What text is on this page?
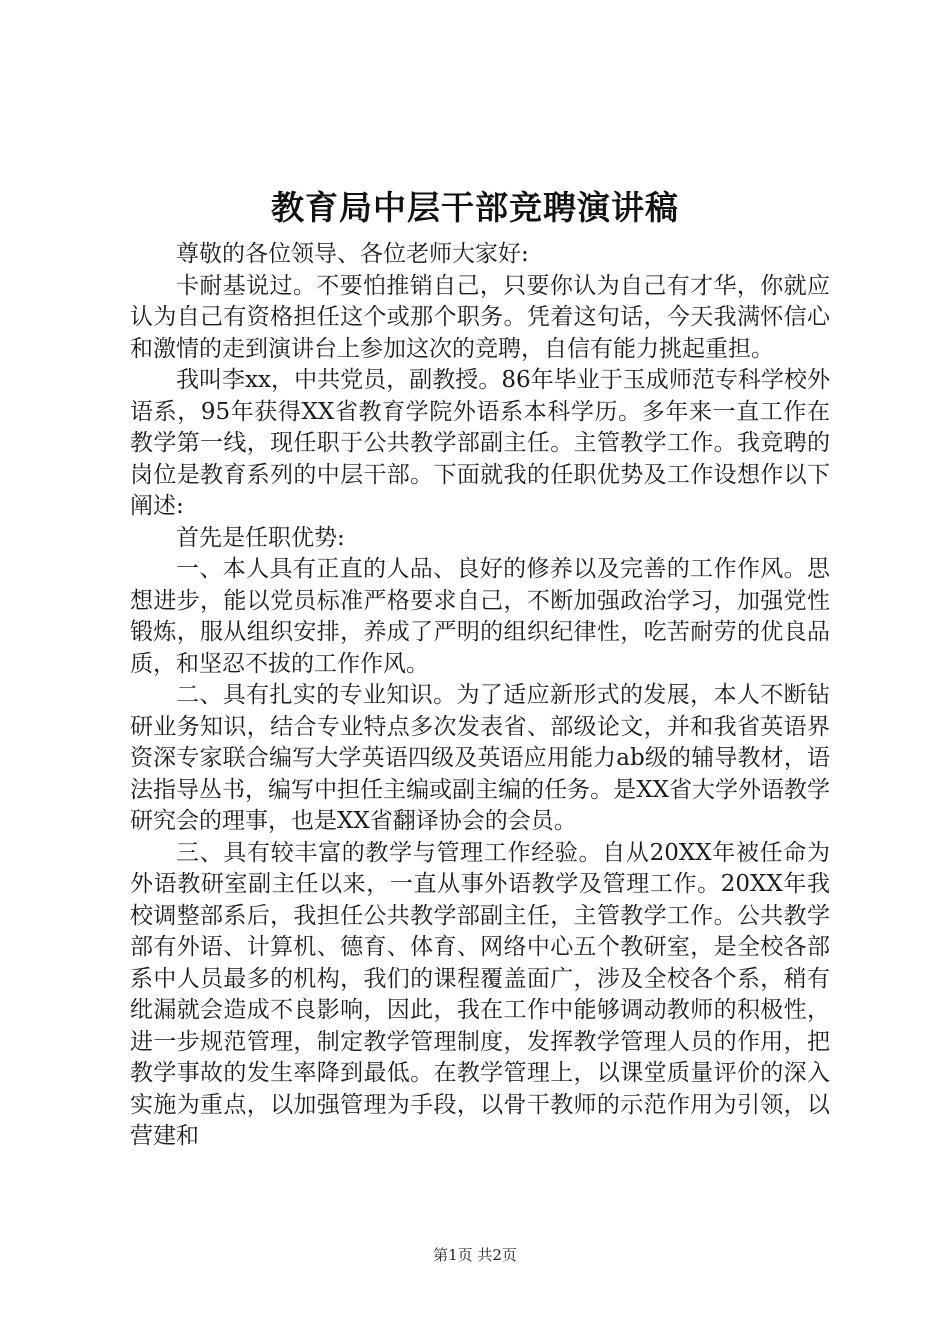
教育局中层干部竞聘演讲稿

尊敬的各位领导、各位老师大家好:

卡耐基说过。不要怕推销自己，只要你认为自己有才华，你就应认为自己有资格担任这个或那个职务。凭着这句话，今天我满怀信心和激情的走到演讲台上参加这次的竞聘，自信有能力挑起重担。

我叫李xx，中共党员，副教授。86年毕业于玉成师范专科学校外语系，95年获得XX省教育学院外语系本科学历。多年来一直工作在教学第一线，现任职于公共教学部副主任。主管教学工作。我竞聘的岗位是教育系列的中层干部。下面就我的任职优势及工作设想作以下阐述:

首先是任职优势:

一、本人具有正直的人品、良好的修养以及完善的工作作风。思想进步，能以党员标准严格要求自己，不断加强政治学习，加强党性锻炼，服从组织安排，养成了严明的组织纪律性，吃苦耐劳的优良品质，和坚忍不拔的工作作风。

二、具有扎实的专业知识。为了适应新形式的发展，本人不断钻研业务知识，结合专业特点多次发表省、部级论文，并和我省英语界资深专家联合编写大学英语四级及英语应用能力ab级的辅导教材，语法指导丛书，编写中担任主编或副主编的任务。是XX省大学外语教学研究会的理事，也是XX省翻译协会的会员。

三、具有较丰富的教学与管理工作经验。自从20XX年被任命为外语教研室副主任以来，一直从事外语教学及管理工作。20XX年我校调整部系后，我担任公共教学部副主任，主管教学工作。公共教学部有外语、计算机、德育、体育、网络中心五个教研室，是全校各部系中人员最多的机构，我们的课程覆盖面广，涉及全校各个系，稍有纰漏就会造成不良影响，因此，我在工作中能够调动教师的积极性，进一步规范管理，制定教学管理制度，发挥教学管理人员的作用，把教学事故的发生率降到最低。在教学管理上，以课堂质量评价的深入实施为重点，以加强管理为手段，以骨干教师的示范作用为引领，以营建和

第1页 共2页
